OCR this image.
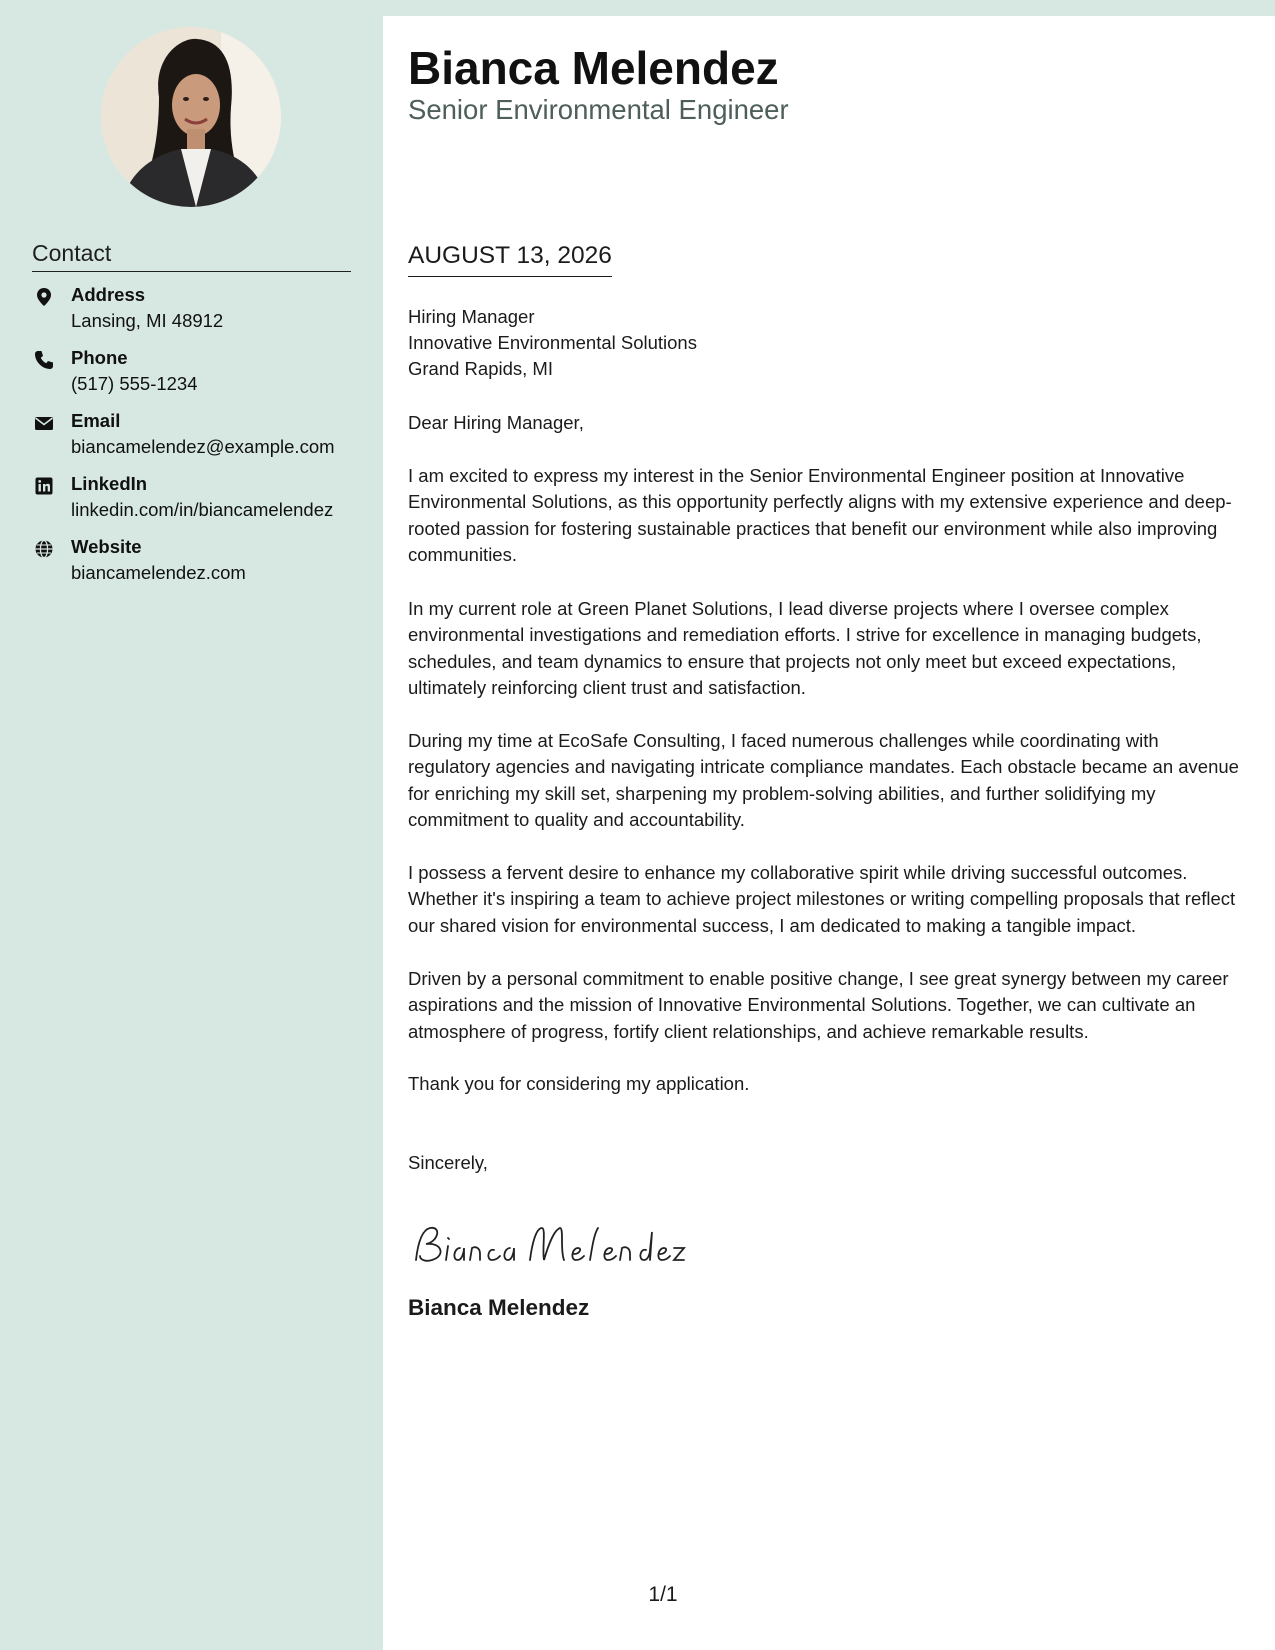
Contact
Address
Lansing, MI 48912
Phone
(517) 555-1234
Email
biancamelendez@example.com
LinkedIn
linkedin.com/in/biancamelendez
Website
biancamelendez.com
Bianca Melendez
Senior Environmental Engineer
AUGUST 13, 2026
Hiring Manager
Innovative Environmental Solutions
Grand Rapids, MI
Dear Hiring Manager,

I am excited to express my interest in the Senior Environmental Engineer position at Innovative Environmental Solutions, as this opportunity perfectly aligns with my extensive experience and deep-rooted passion for fostering sustainable practices that benefit our environment while also improving communities.

In my current role at Green Planet Solutions, I lead diverse projects where I oversee complex environmental investigations and remediation efforts. I strive for excellence in managing budgets, schedules, and team dynamics to ensure that projects not only meet but exceed expectations, ultimately reinforcing client trust and satisfaction.

During my time at EcoSafe Consulting, I faced numerous challenges while coordinating with regulatory agencies and navigating intricate compliance mandates. Each obstacle became an avenue for enriching my skill set, sharpening my problem-solving abilities, and further solidifying my commitment to quality and accountability.

I possess a fervent desire to enhance my collaborative spirit while driving successful outcomes. Whether it's inspiring a team to achieve project milestones or writing compelling proposals that reflect our shared vision for environmental success, I am dedicated to making a tangible impact.

Driven by a personal commitment to enable positive change, I see great synergy between my career aspirations and the mission of Innovative Environmental Solutions. Together, we can cultivate an atmosphere of progress, fortify client relationships, and achieve remarkable results.

Thank you for considering my application.

Sincerely,
Bianca Melendez
1/1
